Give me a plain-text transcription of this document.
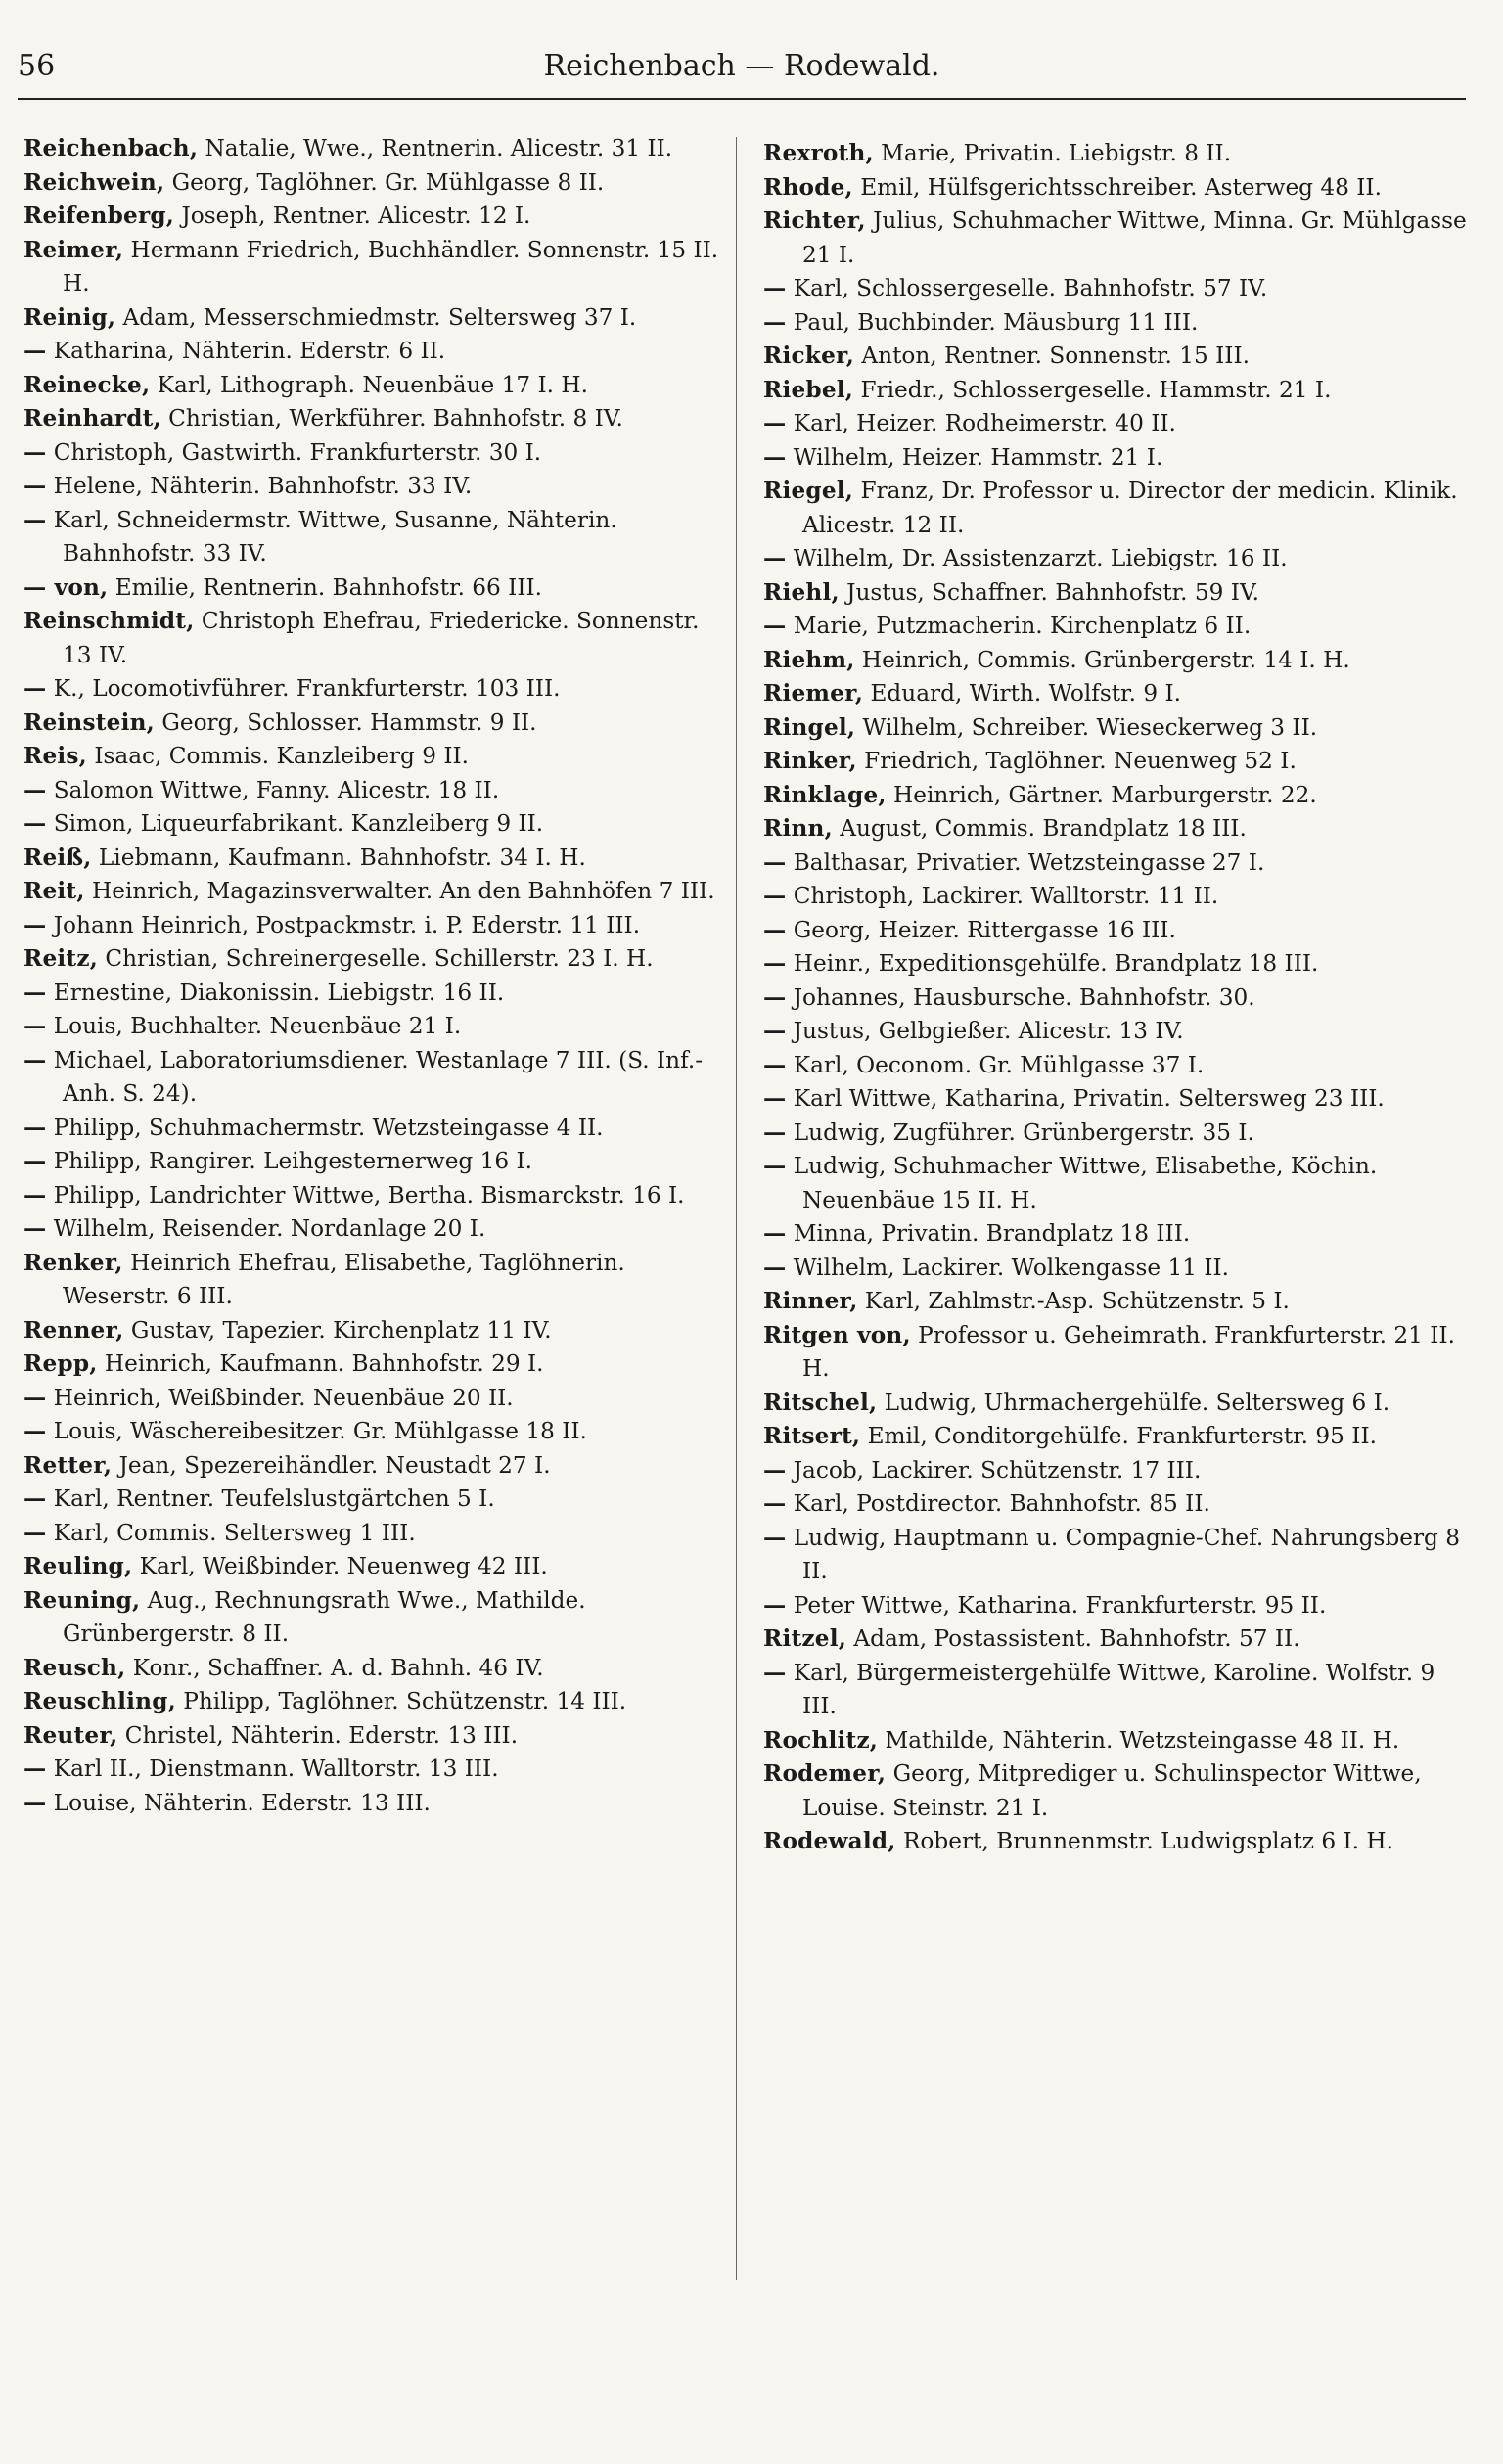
56	Reichenbach — Rodewald.

Reichenbach, Natalie, Wwe., Rentnerin. Alicestr. 31 II.

Reichwein, Georg, Taglöhner. Gr. Mühlgasse 8 II.

Reifenberg, Joseph, Rentner. Alicestr. 12 I.

Reimer, Hermann Friedrich, Buchhändler. Sonnenstr. 15 II. H.

Reinig, Adam, Messerschmiedmstr. Seltersweg 37 I.

— Katharina, Nähterin. Ederstr. 6 II.

Reinecke, Karl, Lithograph. Neuenbäue 17 I. H.

Reinhardt, Christian, Werkführer. Bahnhofstr. 8 IV.

— Christoph, Gastwirth. Frankfurterstr. 30 I.

— Helene, Nähterin. Bahnhofstr. 33 IV.

— Karl, Schneidermstr. Wittwe, Susanne, Nähterin. Bahnhofstr. 33 IV.

— von, Emilie, Rentnerin. Bahnhofstr. 66 III.

Reinschmidt, Christoph Ehefrau, Friedericke. Sonnenstr. 13 IV.

— K., Locomotivführer. Frankfurterstr. 103 III.

Reinstein, Georg, Schlosser. Hammstr. 9 II.

Reis, Isaac, Commis. Kanzleiberg 9 II.

— Salomon Wittwe, Fanny. Alicestr. 18 II.

— Simon, Liqueurfabrikant. Kanzleiberg 9 II.

Reiß, Liebmann, Kaufmann. Bahnhofstr. 34 I. H.

Reit, Heinrich, Magazinsverwalter. An den Bahnhöfen 7 III.

— Johann Heinrich, Postpackmstr. i. P. Ederstr. 11 III.

Reitz, Christian, Schreinergeselle. Schillerstr. 23 I. H.

— Ernestine, Diakonissin. Liebigstr. 16 II.

— Louis, Buchhalter. Neuenbäue 21 I.

— Michael, Laboratoriumsdiener. Westanlage 7 III. (S. Inf.-Anh. S. 24).

— Philipp, Schuhmachermstr. Wetzsteingasse 4 II.

— Philipp, Rangirer. Leihgesternerweg 16 I.

— Philipp, Landrichter Wittwe, Bertha. Bismarckstr. 16 I.

— Wilhelm, Reisender. Nordanlage 20 I.

Renker, Heinrich Ehefrau, Elisabethe, Taglöhnerin. Weserstr. 6 III.

Renner, Gustav, Tapezier. Kirchenplatz 11 IV.

Repp, Heinrich, Kaufmann. Bahnhofstr. 29 I.

— Heinrich, Weißbinder. Neuenbäue 20 II.

— Louis, Wäschereibesitzer. Gr. Mühlgasse 18 II.

Retter, Jean, Spezereihändler. Neustadt 27 I.

— Karl, Rentner. Teufelslustgärtchen 5 I.

— Karl, Commis. Seltersweg 1 III.

Reuling, Karl, Weißbinder. Neuenweg 42 III.

Reuning, Aug., Rechnungsrath Wwe., Mathilde. Grünbergerstr. 8 II.

Reusch, Konr., Schaffner. A. d. Bahnh. 46 IV.

Reuschling, Philipp, Taglöhner. Schützenstr. 14 III.

Reuter, Christel, Nähterin. Ederstr. 13 III.

— Karl II., Dienstmann. Walltorstr. 13 III.

— Louise, Nähterin. Ederstr. 13 III.

Rexroth, Marie, Privatin. Liebigstr. 8 II.

Rhode, Emil, Hülfsgerichtsschreiber. Asterweg 48 II.

Richter, Julius, Schuhmacher Wittwe, Minna. Gr. Mühlgasse 21 I.

— Karl, Schlossergeselle. Bahnhofstr. 57 IV.

— Paul, Buchbinder. Mäusburg 11 III.

Ricker, Anton, Rentner. Sonnenstr. 15 III.

Riebel, Friedr., Schlossergeselle. Hammstr. 21 I.

— Karl, Heizer. Rodheimerstr. 40 II.

— Wilhelm, Heizer. Hammstr. 21 I.

Riegel, Franz, Dr. Professor u. Director der medicin. Klinik. Alicestr. 12 II.

— Wilhelm, Dr. Assistenzarzt. Liebigstr. 16 II.

Riehl, Justus, Schaffner. Bahnhofstr. 59 IV.

— Marie, Putzmacherin. Kirchenplatz 6 II.

Riehm, Heinrich, Commis. Grünbergerstr. 14 I. H.

Riemer, Eduard, Wirth. Wolfstr. 9 I.

Ringel, Wilhelm, Schreiber. Wieseckerweg 3 II.

Rinker, Friedrich, Taglöhner. Neuenweg 52 I.

Rinklage, Heinrich, Gärtner. Marburgerstr. 22.

Rinn, August, Commis. Brandplatz 18 III.

— Balthasar, Privatier. Wetzsteingasse 27 I.

— Christoph, Lackirer. Walltorstr. 11 II.

— Georg, Heizer. Rittergasse 16 III.

— Heinr., Expeditionsgehülfe. Brandplatz 18 III.

— Johannes, Hausbursche. Bahnhofstr. 30.

— Justus, Gelbgießer. Alicestr. 13 IV.

— Karl, Oeconom. Gr. Mühlgasse 37 I.

— Karl Wittwe, Katharina, Privatin. Seltersweg 23 III.

— Ludwig, Zugführer. Grünbergerstr. 35 I.

— Ludwig, Schuhmacher Wittwe, Elisabethe, Köchin. Neuenbäue 15 II. H.

— Minna, Privatin. Brandplatz 18 III.

— Wilhelm, Lackirer. Wolkengasse 11 II.

Rinner, Karl, Zahlmstr.-Asp. Schützenstr. 5 I.

Ritgen von, Professor u. Geheimrath. Frankfurterstr. 21 II. H.

Ritschel, Ludwig, Uhrmachergehülfe. Seltersweg 6 I.

Ritsert, Emil, Conditorgehülfe. Frankfurterstr. 95 II.

— Jacob, Lackirer. Schützenstr. 17 III.

— Karl, Postdirector. Bahnhofstr. 85 II.

— Ludwig, Hauptmann u. Compagnie-Chef. Nahrungsberg 8 II.

— Peter Wittwe, Katharina. Frankfurterstr. 95 II.

Ritzel, Adam, Postassistent. Bahnhofstr. 57 II.

— Karl, Bürgermeistergehülfe Wittwe, Karoline. Wolfstr. 9 III.

Rochlitz, Mathilde, Nähterin. Wetzsteingasse 48 II. H.

Rodemer, Georg, Mitprediger u. Schulinspector Wittwe, Louise. Steinstr. 21 I.

Rodewald, Robert, Brunnenmstr. Ludwigsplatz 6 I. H.
